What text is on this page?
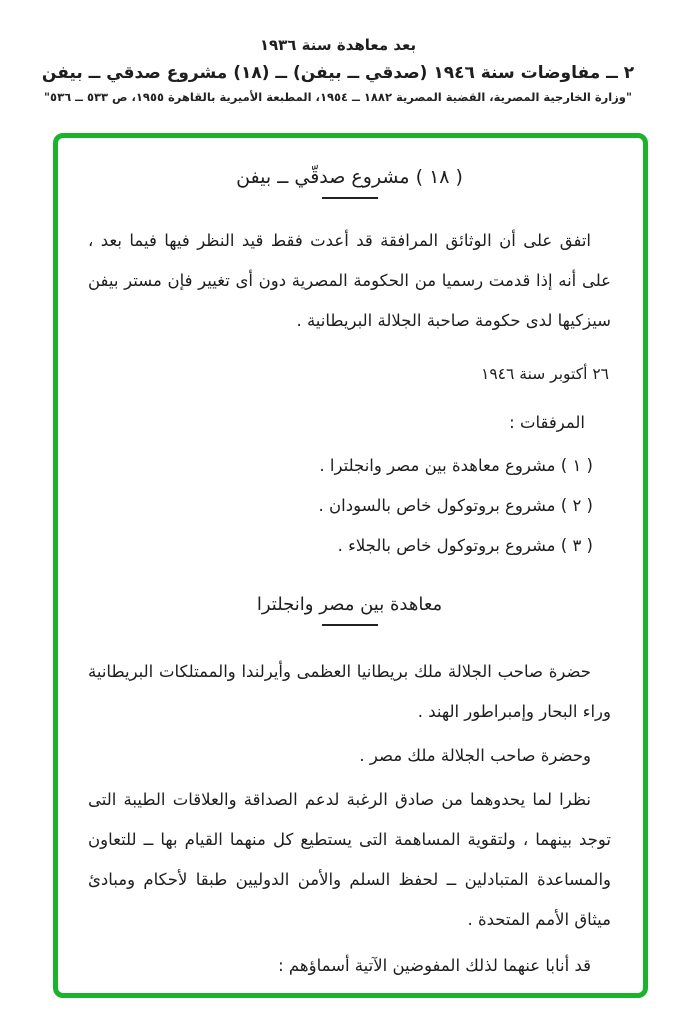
بعد معاهدة سنة ١٩٣٦
٢ ــ مفاوضات سنة ١٩٤٦ (صدقي ــ بيفن) ــ (١٨) مشروع صدقي ــ بيفن
"وزارة الخارجية المصرية، القضية المصرية ١٨٨٢ ــ ١٩٥٤، المطبعة الأميرية بالقاهرة ١٩٥٥، ص ٥٣٣ ــ ٥٣٦"
( ١٨ ) مشروع صدقّي ــ بيفن

اتفق على أن الوثائق المرافقة قد أعدت فقط قيد النظر فيها فيما بعد ، على أنه إذا قدمت رسميا من الحكومة المصرية دون أى تغيير فإن مستر بيفن سيزكيها لدى حكومة صاحبة الجلالة البريطانية .

٢٦ أكتوبر سنة ١٩٤٦
المرفقات :
( ١ ) مشروع معاهدة بين مصر وانجلترا .
( ٢ ) مشروع بروتوكول خاص بالسودان .
( ٣ ) مشروع بروتوكول خاص بالجلاء .
معاهدة بين مصر وانجلترا

حضرة صاحب الجلالة ملك بريطانيا العظمى وأيرلندا والممتلكات البريطانية وراء البحار وإمبراطور الهند .

وحضرة صاحب الجلالة ملك مصر .

نظرا لما يحدوهما من صادق الرغبة لدعم الصداقة والعلاقات الطيبة التى توجد بينهما ، ولتقوية المساهمة التى يستطيع كل منهما القيام بها ــ للتعاون والمساعدة المتبادلين ــ لحفظ السلم والأمن الدوليين طبقا لأحكام ومبادئ ميثاق الأمم المتحدة .

قد أنابا عنهما لذلك المفوضين الآتية أسماؤهم :
